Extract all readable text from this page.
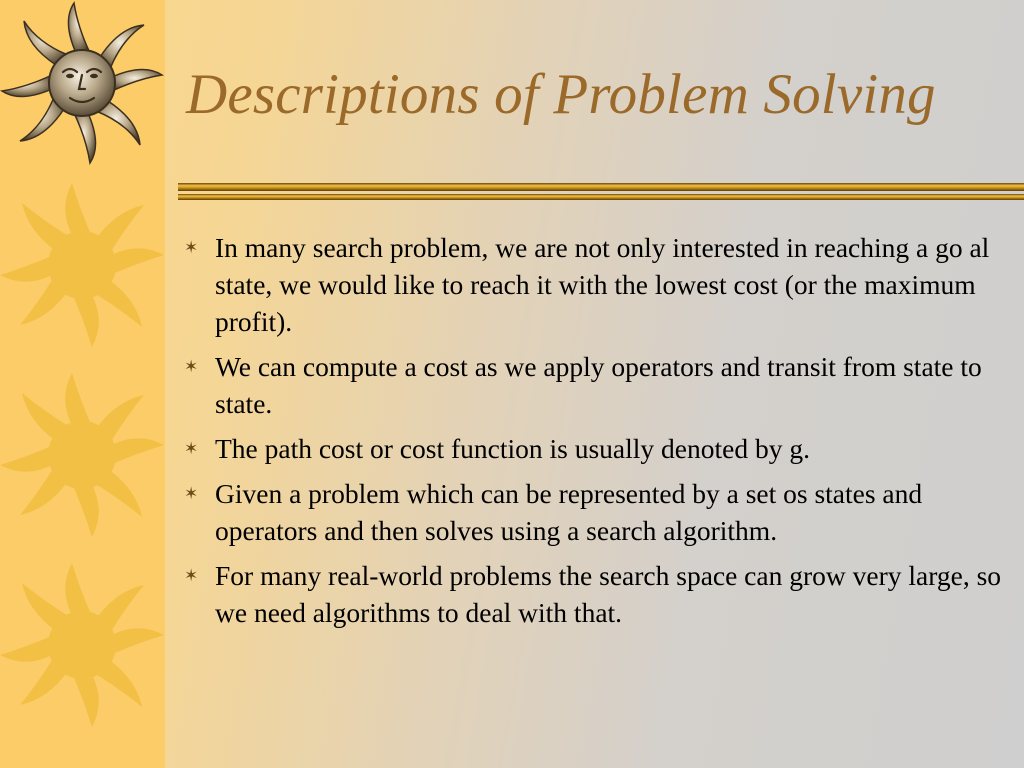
Descriptions of Problem Solving
✶ In many search problem, we are not only interested in reaching a go al state, we would like to reach it with the lowest cost (or the maximum profit).
✶ We can compute a cost as we apply operators and transit from state to state.
✶ The path cost or cost function is usually denoted by g.
✶ Given a problem which can be represented by a set os states and operators and then solves using a search algorithm.
✶ For many real-world problems the search space can grow very large, so we need algorithms to deal with that.
